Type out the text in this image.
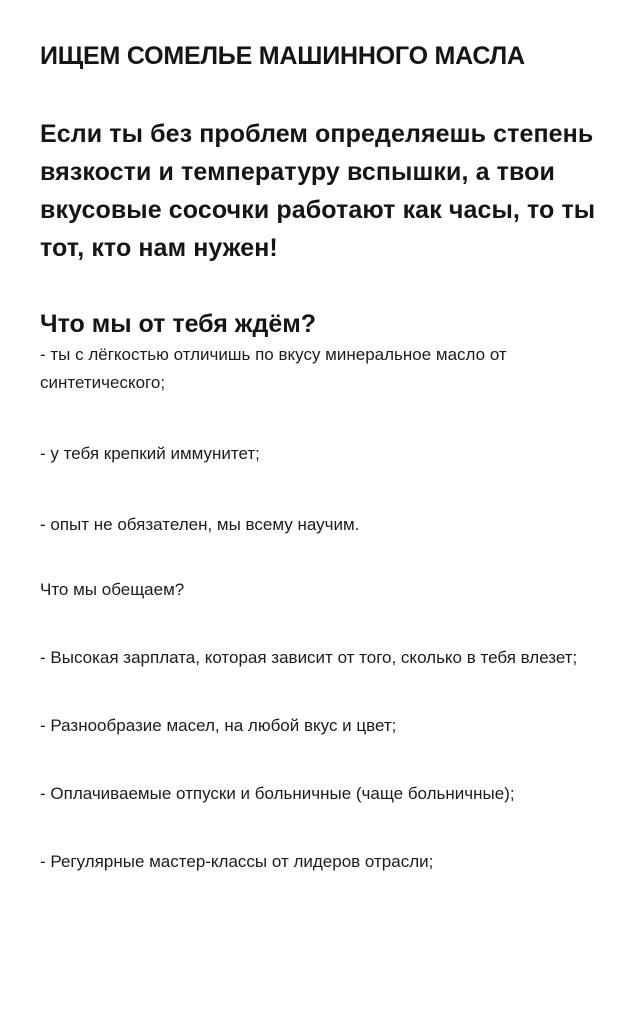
ИЩЕМ СОМЕЛЬЕ МАШИННОГО МАСЛА

Если ты без проблем определяешь степень вязкости и температуру вспышки, а твои вкусовые сосочки работают как часы, то ты тот, кто нам нужен!

Что мы от тебя ждём?
- ты с лёгкостью отличишь по вкусу минеральное масло от синтетического;
- у тебя крепкий иммунитет;
- опыт не обязателен, мы всему научим.

Что мы обещаем?

- Высокая зарплата, которая зависит от того, сколько в тебя влезет;
- Разнообразие масел, на любой вкус и цвет;
- Оплачиваемые отпуски и больничные (чаще больничные);
- Регулярные мастер-классы от лидеров отрасли;
